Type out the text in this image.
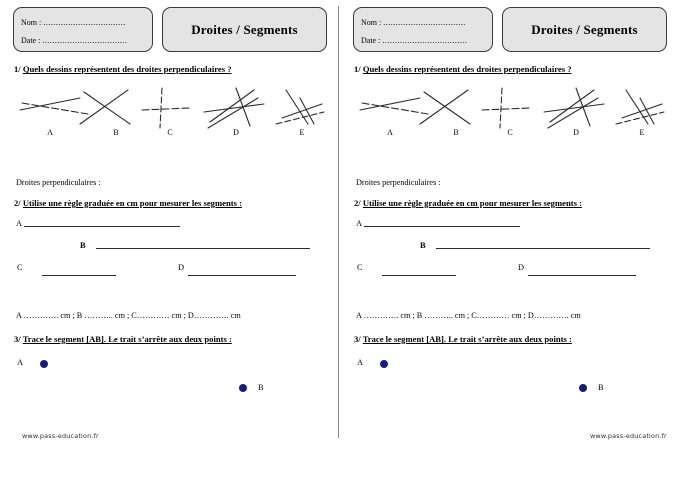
Nom : .................................
Date : ..................................
Droites / Segments
1/ Quels dessins représentent des droites perpendiculaires ?
A	B	C	D	E
Droites perpendiculaires :
2/ Utilise une règle graduée en cm pour mesurer les segments :
A
B
C	D
A …………. cm ; B ……….. cm ; C………… cm ; D…………. cm
3/ Trace le segment [AB]. Le trait s’arrête aux deux points :
A
B
www.pass-education.fr
Nom : .................................
Date : ..................................
Droites / Segments
1/ Quels dessins représentent des droites perpendiculaires ?
A	B	C	D	E
Droites perpendiculaires :
2/ Utilise une règle graduée en cm pour mesurer les segments :
A
B
C	D
A …………. cm ; B ……….. cm ; C………… cm ; D…………. cm
3/ Trace le segment [AB]. Le trait s’arrête aux deux points :
A
B
www.pass-education.fr
